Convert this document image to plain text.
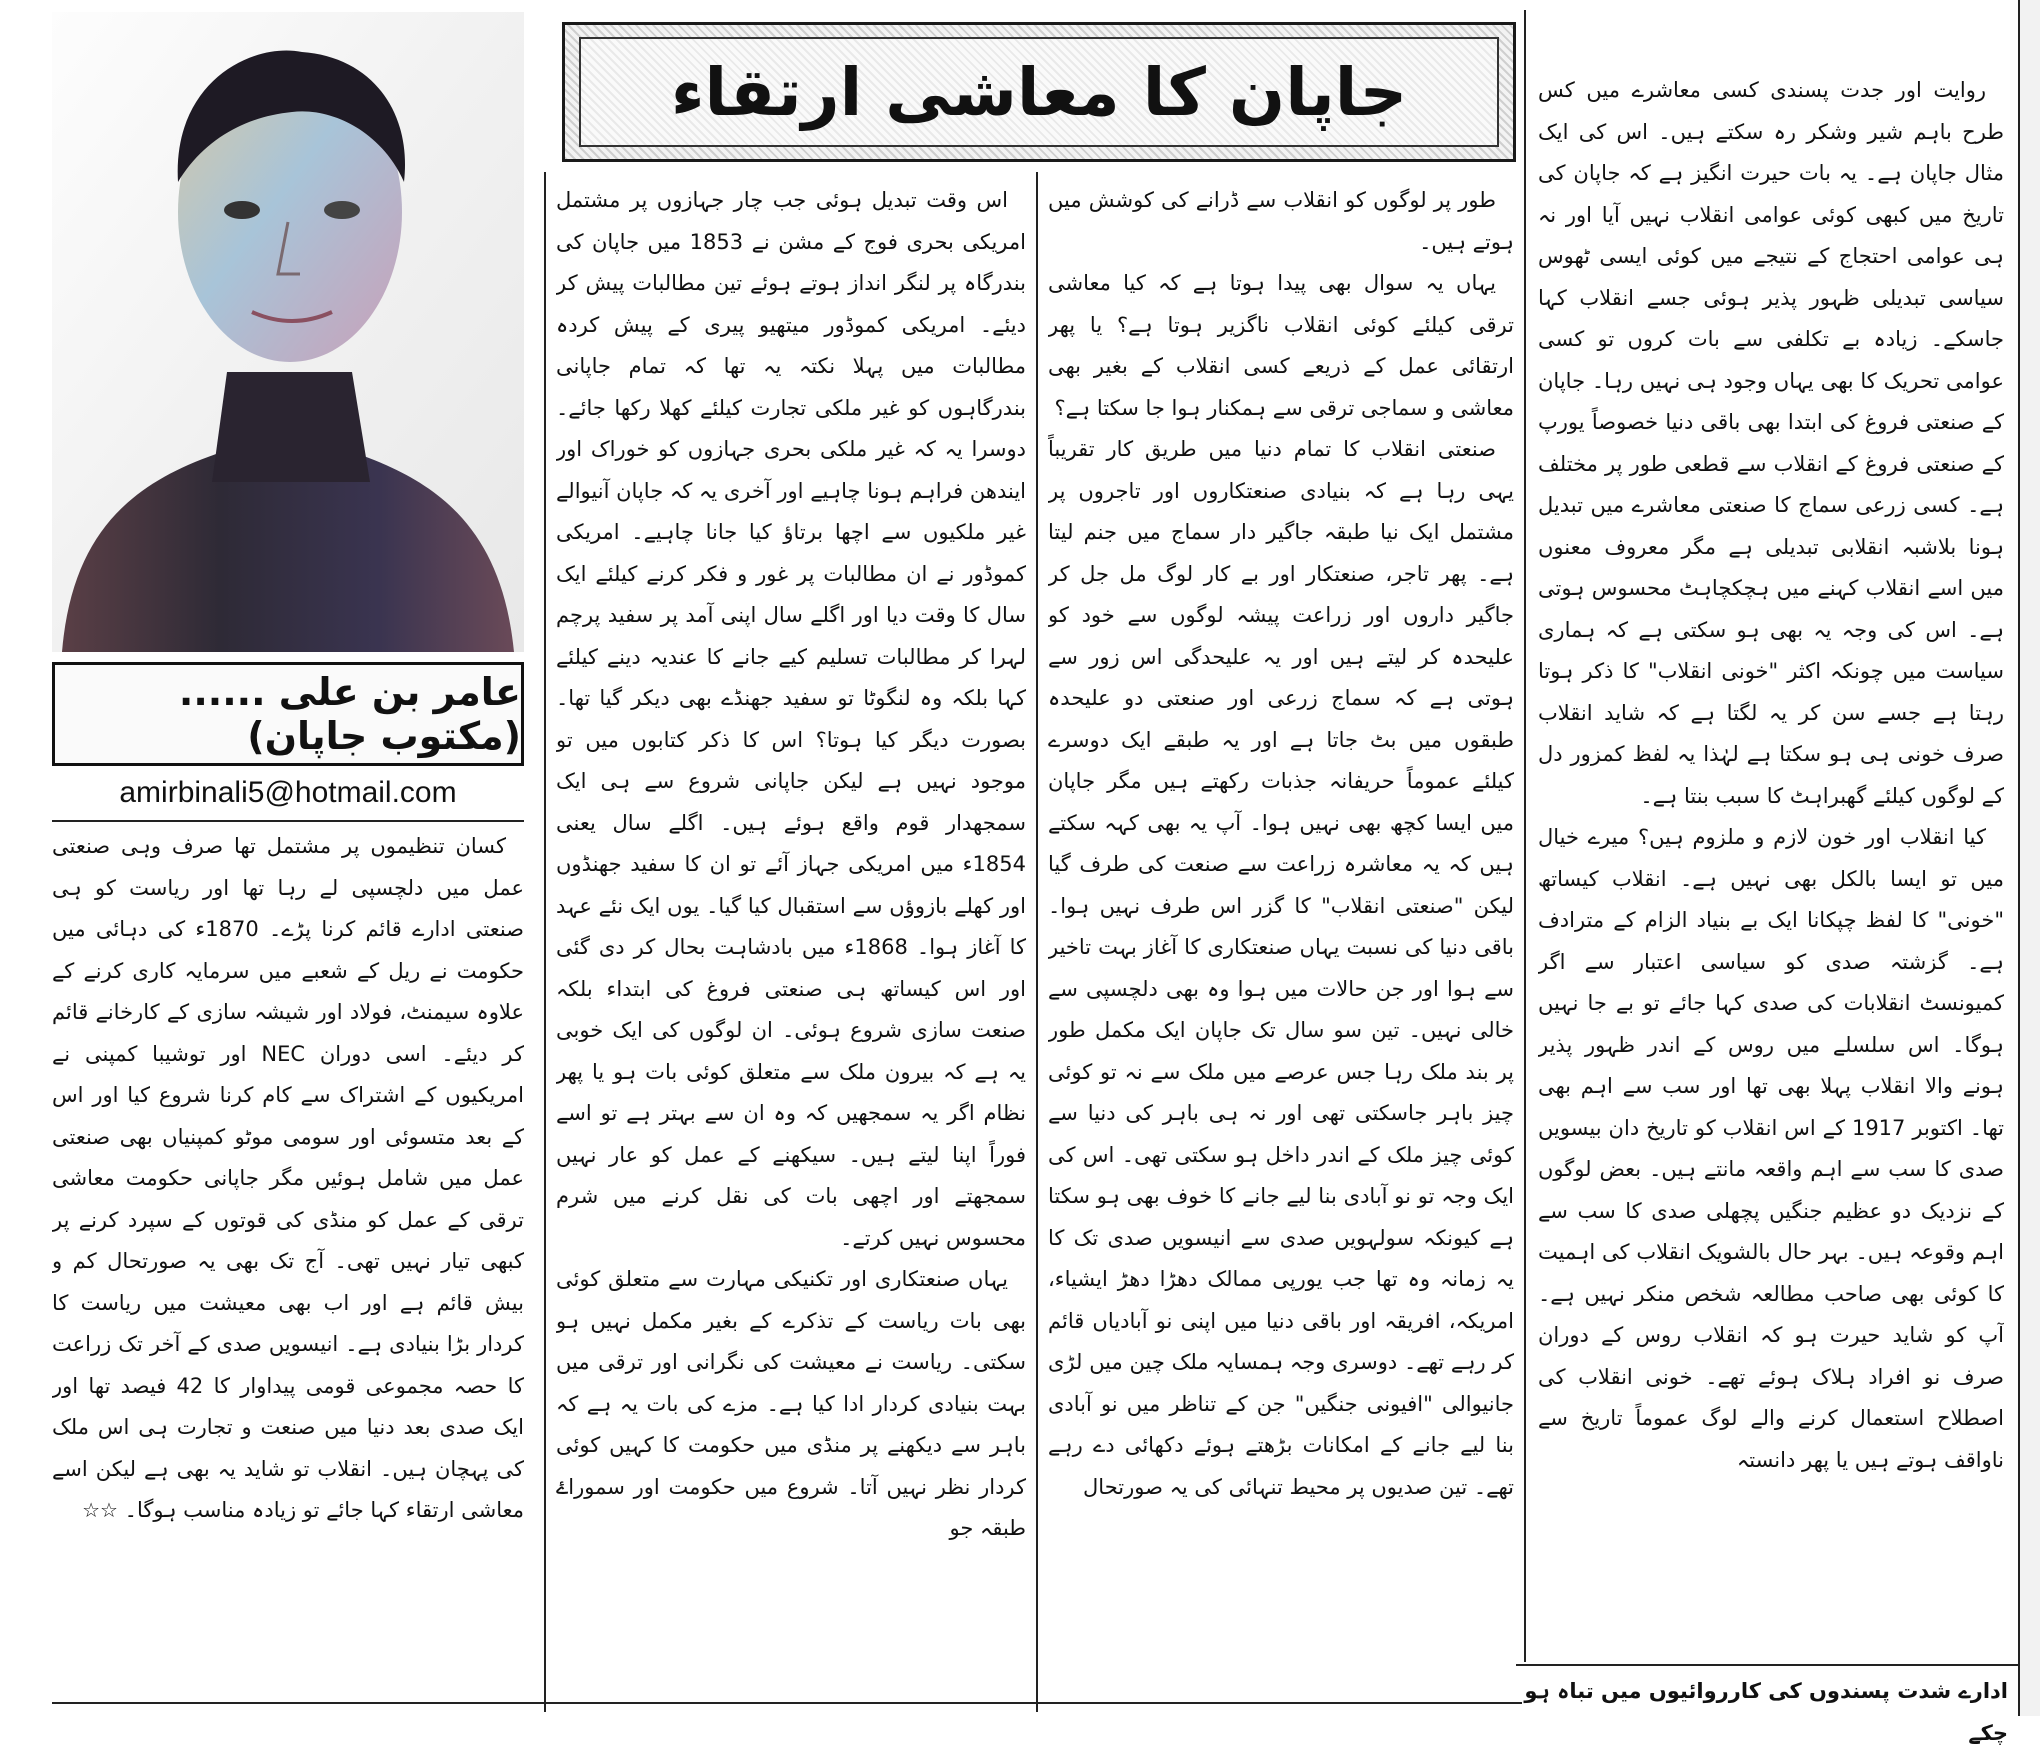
جاپان کا معاشی ارتقاء	روایت اور جدت پسندی کسی معاشرے میں کس طرح باہم شیر وشکر رہ سکتے ہیں۔ اس کی ایک مثال جاپان ہے۔ یہ بات حیرت انگیز ہے کہ جاپان کی تاریخ میں کبھی کوئی عوامی انقلاب نہیں آیا اور نہ ہی عوامی احتجاج کے نتیجے میں کوئی ایسی ٹھوس سیاسی تبدیلی ظہور پذیر ہوئی جسے انقلاب کہا جاسکے۔ زیادہ بے تکلفی سے بات کروں تو کسی عوامی تحریک کا بھی یہاں وجود ہی نہیں رہا۔ جاپان کے صنعتی فروغ کی ابتدا بھی باقی دنیا خصوصاً یورپ کے صنعتی فروغ کے انقلاب سے قطعی طور پر مختلف ہے۔ کسی زرعی سماج کا صنعتی معاشرے میں تبدیل ہونا بلاشبہ انقلابی تبدیلی ہے مگر معروف معنوں میں اسے انقلاب کہنے میں ہچکچاہٹ محسوس ہوتی ہے۔ اس کی وجہ یہ بھی ہو سکتی ہے کہ ہماری سیاست میں چونکہ اکثر "خونی انقلاب" کا ذکر ہوتا رہتا ہے جسے سن کر یہ لگتا ہے کہ شاید انقلاب صرف خونی ہی ہو سکتا ہے لہٰذا یہ لفظ کمزور دل کے لوگوں کیلئے گھبراہٹ کا سبب بنتا ہے۔

کیا انقلاب اور خون لازم و ملزوم ہیں؟ میرے خیال میں تو ایسا بالکل بھی نہیں ہے۔ انقلاب کیساتھ "خونی" کا لفظ چپکانا ایک بے بنیاد الزام کے مترادف ہے۔ گزشتہ صدی کو سیاسی اعتبار سے اگر کمیونسٹ انقلابات کی صدی کہا جائے تو بے جا نہیں ہوگا۔ اس سلسلے میں روس کے اندر ظہور پذیر ہونے والا انقلاب پہلا بھی تھا اور سب سے اہم بھی تھا۔ اکتوبر 1917 کے اس انقلاب کو تاریخ دان بیسویں صدی کا سب سے اہم واقعہ مانتے ہیں۔ بعض لوگوں کے نزدیک دو عظیم جنگیں پچھلی صدی کا سب سے اہم وقوعہ ہیں۔ بہر حال بالشویک انقلاب کی اہمیت کا کوئی بھی صاحب مطالعہ شخص منکر نہیں ہے۔ آپ کو شاید حیرت ہو کہ انقلاب روس کے دوران صرف نو افراد ہلاک ہوئے تھے۔ خونی انقلاب کی اصطلاح استعمال کرنے والے لوگ عموماً تاریخ سے ناواقف ہوتے ہیں یا پھر دانستہ

طور پر لوگوں کو انقلاب سے ڈرانے کی کوشش میں ہوتے ہیں۔

یہاں یہ سوال بھی پیدا ہوتا ہے کہ کیا معاشی ترقی کیلئے کوئی انقلاب ناگزیر ہوتا ہے؟ یا پھر ارتقائی عمل کے ذریعے کسی انقلاب کے بغیر بھی معاشی و سماجی ترقی سے ہمکنار ہوا جا سکتا ہے؟

صنعتی انقلاب کا تمام دنیا میں طریق کار تقریباً یہی رہا ہے کہ بنیادی صنعتکاروں اور تاجروں پر مشتمل ایک نیا طبقہ جاگیر دار سماج میں جنم لیتا ہے۔ پھر تاجر، صنعتکار اور بے کار لوگ مل جل کر جاگیر داروں اور زراعت پیشہ لوگوں سے خود کو علیحدہ کر لیتے ہیں اور یہ علیحدگی اس زور سے ہوتی ہے کہ سماج زرعی اور صنعتی دو علیحدہ طبقوں میں بٹ جاتا ہے اور یہ طبقے ایک دوسرے کیلئے عموماً حریفانہ جذبات رکھتے ہیں مگر جاپان میں ایسا کچھ بھی نہیں ہوا۔ آپ یہ بھی کہہ سکتے ہیں کہ یہ معاشرہ زراعت سے صنعت کی طرف گیا لیکن "صنعتی انقلاب" کا گزر اس طرف نہیں ہوا۔ باقی دنیا کی نسبت یہاں صنعتکاری کا آغاز بہت تاخیر سے ہوا اور جن حالات میں ہوا وہ بھی دلچسپی سے خالی نہیں۔ تین سو سال تک جاپان ایک مکمل طور پر بند ملک رہا جس عرصے میں ملک سے نہ تو کوئی چیز باہر جاسکتی تھی اور نہ ہی باہر کی دنیا سے کوئی چیز ملک کے اندر داخل ہو سکتی تھی۔ اس کی ایک وجہ تو نو آبادی بنا لیے جانے کا خوف بھی ہو سکتا ہے کیونکہ سولہویں صدی سے انیسویں صدی تک کا یہ زمانہ وہ تھا جب یورپی ممالک دھڑا دھڑ ایشیاء، امریکہ، افریقہ اور باقی دنیا میں اپنی نو آبادیاں قائم کر رہے تھے۔ دوسری وجہ ہمسایہ ملک چین میں لڑی جانیوالی "افیونی جنگیں" جن کے تناظر میں نو آبادی بنا لیے جانے کے امکانات بڑھتے ہوئے دکھائی دے رہے تھے۔ تین صدیوں پر محیط تنہائی کی یہ صورتحال

اس وقت تبدیل ہوئی جب چار جہازوں پر مشتمل امریکی بحری فوج کے مشن نے 1853 میں جاپان کی بندرگاہ پر لنگر انداز ہوتے ہوئے تین مطالبات پیش کر دیئے۔ امریکی کموڈور میتھیو پیری کے پیش کردہ مطالبات میں پہلا نکتہ یہ تھا کہ تمام جاپانی بندرگاہوں کو غیر ملکی تجارت کیلئے کھلا رکھا جائے۔ دوسرا یہ کہ غیر ملکی بحری جہازوں کو خوراک اور ایندھن فراہم ہونا چاہیے اور آخری یہ کہ جاپان آنیوالے غیر ملکیوں سے اچھا برتاؤ کیا جانا چاہیے۔ امریکی کموڈور نے ان مطالبات پر غور و فکر کرنے کیلئے ایک سال کا وقت دیا اور اگلے سال اپنی آمد پر سفید پرچم لہرا کر مطالبات تسلیم کیے جانے کا عندیہ دینے کیلئے کہا بلکہ وہ لنگوٹا تو سفید جھنڈے بھی دیکر گیا تھا۔ بصورت دیگر کیا ہوتا؟ اس کا ذکر کتابوں میں تو موجود نہیں ہے لیکن جاپانی شروع سے ہی ایک سمجھدار قوم واقع ہوئے ہیں۔ اگلے سال یعنی 1854ء میں امریکی جہاز آئے تو ان کا سفید جھنڈوں اور کھلے بازوؤں سے استقبال کیا گیا۔ یوں ایک نئے عہد کا آغاز ہوا۔ 1868ء میں بادشاہت بحال کر دی گئی اور اس کیساتھ ہی صنعتی فروغ کی ابتداء بلکہ صنعت سازی شروع ہوئی۔ ان لوگوں کی ایک خوبی یہ ہے کہ بیرون ملک سے متعلق کوئی بات ہو یا پھر نظام اگر یہ سمجھیں کہ وہ ان سے بہتر ہے تو اسے فوراً اپنا لیتے ہیں۔ سیکھنے کے عمل کو عار نہیں سمجھتے اور اچھی بات کی نقل کرنے میں شرم محسوس نہیں کرتے۔

یہاں صنعتکاری اور تکنیکی مہارت سے متعلق کوئی بھی بات ریاست کے تذکرے کے بغیر مکمل نہیں ہو سکتی۔ ریاست نے معیشت کی نگرانی اور ترقی میں بہت بنیادی کردار ادا کیا ہے۔ مزے کی بات یہ ہے کہ باہر سے دیکھنے پر منڈی میں حکومت کا کہیں کوئی کردار نظر نہیں آتا۔ شروع میں حکومت اور سموراۓ طبقہ جو

عامر بن علی ...... (مکتوب جاپان)
amirbinali5@hotmail.com

کسان تنظیموں پر مشتمل تھا صرف وہی صنعتی عمل میں دلچسپی لے رہا تھا اور ریاست کو ہی صنعتی ادارے قائم کرنا پڑے۔ 1870ء کی دہائی میں حکومت نے ریل کے شعبے میں سرمایہ کاری کرنے کے علاوہ سیمنٹ، فولاد اور شیشہ سازی کے کارخانے قائم کر دیئے۔ اسی دوران NEC اور توشیبا کمپنی نے امریکیوں کے اشتراک سے کام کرنا شروع کیا اور اس کے بعد متسوئی اور سومی موٹو کمپنیاں بھی صنعتی عمل میں شامل ہوئیں مگر جاپانی حکومت معاشی ترقی کے عمل کو منڈی کی قوتوں کے سپرد کرنے پر کبھی تیار نہیں تھی۔ آج تک بھی یہ صورتحال کم و بیش قائم ہے اور اب بھی معیشت میں ریاست کا کردار بڑا بنیادی ہے۔ انیسویں صدی کے آخر تک زراعت کا حصہ مجموعی قومی پیداوار کا 42 فیصد تھا اور ایک صدی بعد دنیا میں صنعت و تجارت ہی اس ملک کی پہچان ہیں۔ انقلاب تو شاید یہ بھی ہے لیکن اسے معاشی ارتقاء کہا جائے تو زیادہ مناسب ہوگا۔ ☆☆

ادارے شدت پسندوں کی کارروائیوں میں تباہ ہو چکے
